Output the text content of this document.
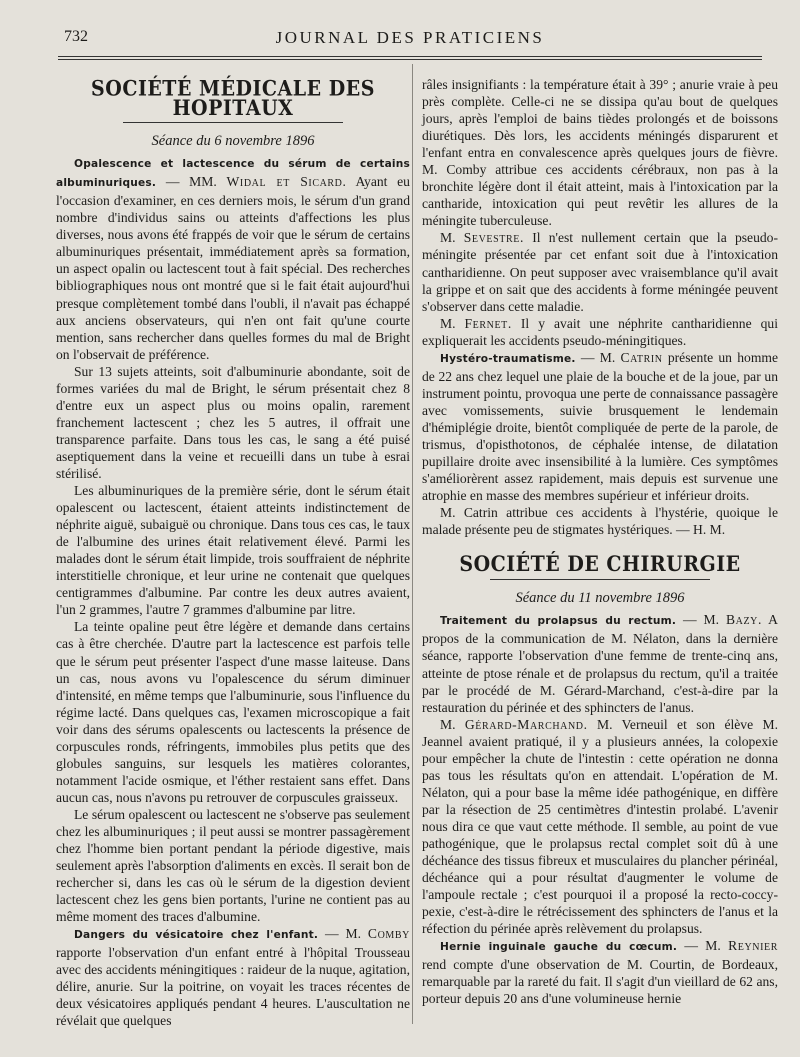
732	JOURNAL DES PRATICIENS
SOCIÉTÉ MÉDICALE DES HOPITAUX
Séance du 6 novembre 1896

Opalescence et lactescence du sérum de certains albuminuriques. — MM. Widal et Sicard. Ayant eu l'occasion d'examiner, en ces derniers mois, le sérum d'un grand nombre d'individus sains ou atteints d'affections les plus diverses, nous avons été frappés de voir que le sérum de certains albuminuriques présentait, immédiatement après sa formation, un aspect opalin ou lactescent tout à fait spécial. Des recherches bibliographiques nous ont montré que si le fait était aujourd'hui presque complètement tombé dans l'oubli, il n'avait pas échappé aux anciens observateurs, qui n'en ont fait qu'une courte mention, sans rechercher dans quelles formes du mal de Bright on l'observait de préférence.

Sur 13 sujets atteints, soit d'albuminurie abondante, soit de formes variées du mal de Bright, le sérum présentait chez 8 d'entre eux un aspect plus ou moins opalin, rarement franchement lactescent ; chez les 5 autres, il offrait une transparence parfaite. Dans tous les cas, le sang a été puisé aseptiquement dans la veine et recueilli dans un tube à esrai stérilisé.

Les albuminuriques de la première série, dont le sérum était opalescent ou lactescent, étaient atteints indistinctement de néphrite aiguë, subaiguë ou chronique. Dans tous ces cas, le taux de l'albumine des urines était relativement élevé. Parmi les malades dont le sérum était limpide, trois souffraient de néphrite interstitielle chronique, et leur urine ne contenait que quelques centigrammes d'albumine. Par contre les deux autres avaient, l'un 2 grammes, l'autre 7 grammes d'albumine par litre.

La teinte opaline peut être légère et demande dans certains cas à être cherchée. D'autre part la lactescence est parfois telle que le sérum peut présenter l'aspect d'une masse laiteuse. Dans un cas, nous avons vu l'opalescence du sérum diminuer d'intensité, en même temps que l'albuminurie, sous l'influence du régime lacté. Dans quelques cas, l'examen microscopique a fait voir dans des sérums opalescents ou lactescents la présence de corpuscules ronds, réfringents, immobiles plus petits que des globules sanguins, sur lesquels les matières colorantes, notamment l'acide osmique, et l'éther restaient sans effet. Dans aucun cas, nous n'avons pu retrouver de corpuscules graisseux.

Le sérum opalescent ou lactescent ne s'observe pas seulement chez les albuminuriques ; il peut aussi se montrer passagèrement chez l'homme bien portant pendant la période digestive, mais seulement après l'absorption d'aliments en excès. Il serait bon de rechercher si, dans les cas où le sérum de la digestion devient lactescent chez les gens bien portants, l'urine ne contient pas au même moment des traces d'albumine.

Dangers du vésicatoire chez l'enfant. — M. Comby rapporte l'observation d'un enfant entré à l'hôpital Trousseau avec des accidents méningitiques : raideur de la nuque, agitation, délire, anurie. Sur la poitrine, on voyait les traces récentes de deux vésicatoires appliqués pendant 4 heures. L'auscultation ne révélait que quelques

râles insignifiants : la température était à 39° ; anurie vraie à peu près complète. Celle-ci ne se dissipa qu'au bout de quelques jours, après l'emploi de bains tièdes prolongés et de boissons diurétiques. Dès lors, les accidents méningés disparurent et l'enfant entra en convalescence après quelques jours de fièvre. M. Comby attribue ces accidents cérébraux, non pas à la bronchite légère dont il était atteint, mais à l'intoxication par la cantharide, intoxication qui peut revêtir les allures de la méningite tuberculeuse.

M. Sevestre. Il n'est nullement certain que la pseudo-méningite présentée par cet enfant soit due à l'intoxication cantharidienne. On peut supposer avec vraisemblance qu'il avait la grippe et on sait que des accidents à forme méningée peuvent s'observer dans cette maladie.

M. Fernet. Il y avait une néphrite cantharidienne qui expliquerait les accidents pseudo-méningitiques.

Hystéro-traumatisme. — M. Catrin présente un homme de 22 ans chez lequel une plaie de la bouche et de la joue, par un instrument pointu, provoqua une perte de connaissance passagère avec vomissements, suivie brusquement le lendemain d'hémiplégie droite, bientôt compliquée de perte de la parole, de trismus, d'opisthotonos, de céphalée intense, de dilatation pupillaire droite avec insensibilité à la lumière. Ces symptômes s'améliorèrent assez rapidement, mais depuis est survenue une atrophie en masse des membres supérieur et inférieur droits.

M. Catrin attribue ces accidents à l'hystérie, quoique le malade présente peu de stigmates hystériques. — H. M.

SOCIÉTÉ DE CHIRURGIE
Séance du 11 novembre 1896

Traitement du prolapsus du rectum. — M. Bazy. A propos de la communication de M. Nélaton, dans la dernière séance, rapporte l'observation d'une femme de trente-cinq ans, atteinte de ptose rénale et de prolapsus du rectum, qu'il a traitée par le procédé de M. Gérard-Marchand, c'est-à-dire par la restauration du périnée et des sphincters de l'anus.

M. Gérard-Marchand. M. Verneuil et son élève M. Jeannel avaient pratiqué, il y a plusieurs années, la colopexie pour empêcher la chute de l'intestin : cette opération ne donna pas tous les résultats qu'on en attendait. L'opération de M. Nélaton, qui a pour base la même idée pathogénique, en diffère par la résection de 25 centimètres d'intestin prolabé. L'avenir nous dira ce que vaut cette méthode. Il semble, au point de vue pathogénique, que le prolapsus rectal complet soit dû à une déchéance des tissus fibreux et musculaires du plancher périnéal, déchéance qui a pour résultat d'augmenter le volume de l'ampoule rectale ; c'est pourquoi il a proposé la recto-coccy-pexie, c'est-à-dire le rétrécissement des sphincters de l'anus et la réfection du périnée après relèvement du prolapsus.

Hernie inguinale gauche du cœcum. — M. Reynier rend compte d'une observation de M. Courtin, de Bordeaux, remarquable par la rareté du fait. Il s'agit d'un vieillard de 62 ans, porteur depuis 20 ans d'une volumineuse hernie
